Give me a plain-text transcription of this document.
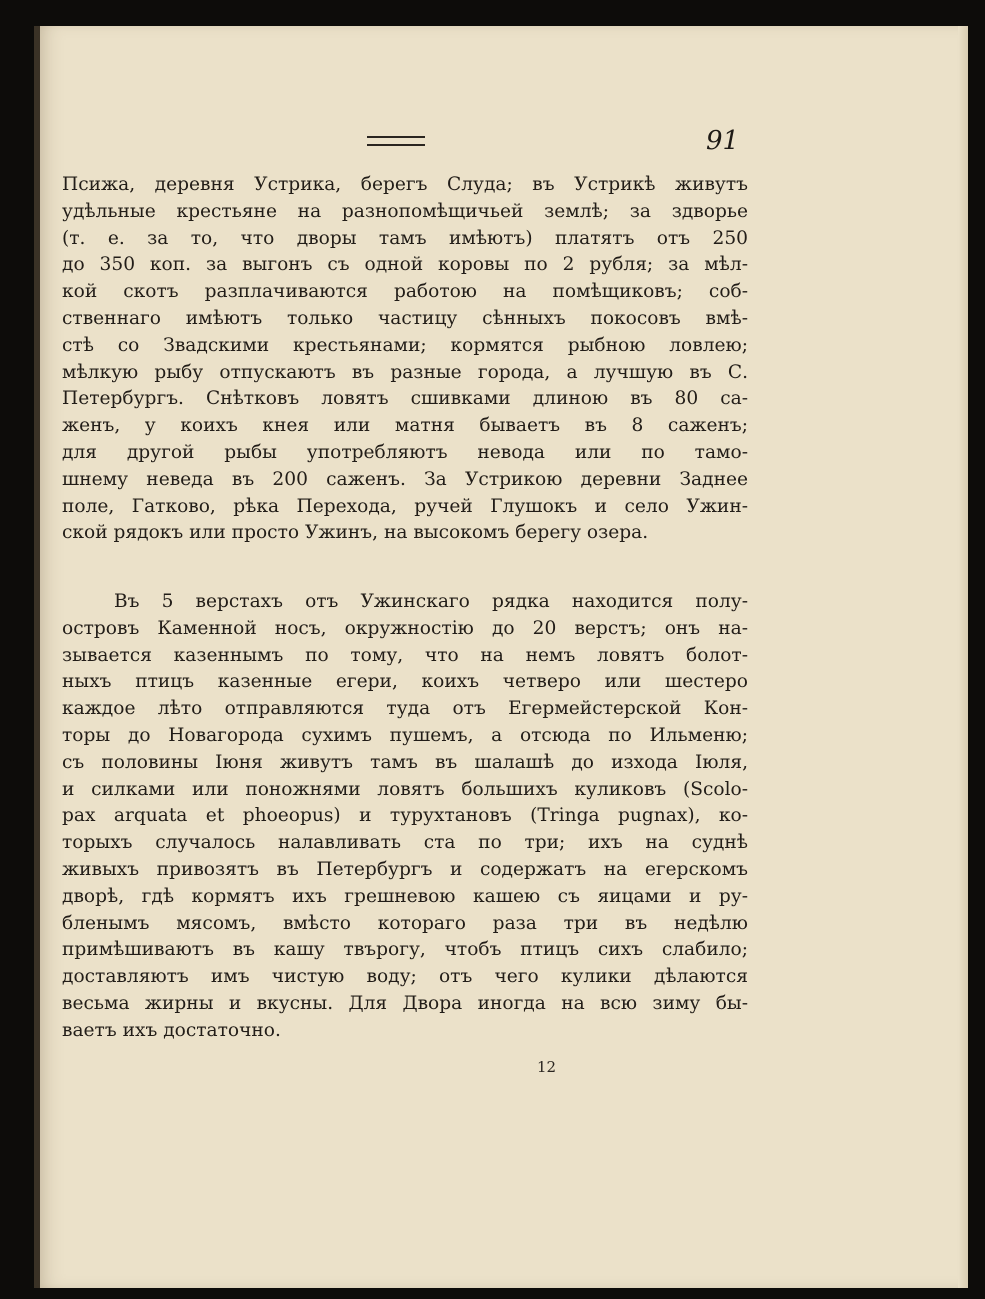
91
Псижа, деревня Устрика, берегъ Слуда; въ Устрикѣ живутъ
удѣльные крестьяне на разнопомѣщичьей землѣ; за здворье
(т. е. за то, что дворы тамъ имѣютъ) платятъ отъ 250
до 350 коп. за выгонъ съ одной коровы по 2 рубля; за мѣл-
кой скотъ разплачиваются работою на помѣщиковъ; соб-
ственнаго имѣютъ только частицу сѣнныхъ покосовъ вмѣ-
стѣ со Звадскими крестьянами; кормятся рыбною ловлею;
мѣлкую рыбу отпускаютъ въ разные города, а лучшую въ С.
Петербургъ. Снѣтковъ ловятъ сшивками длиною въ 80 са-
женъ, у коихъ кнея или матня бываетъ въ 8 саженъ;
для другой рыбы употребляютъ невода или по тамо-
шнему неведа въ 200 саженъ. За Устрикою деревни Заднее
поле, Гатково, рѣка Перехода, ручей Глушокъ и село Ужин-
ской рядокъ или просто Ужинъ, на высокомъ берегу озера.
Въ 5 верстахъ отъ Ужинскаго рядка находится полу-
островъ Каменной носъ, окружностію до 20 верстъ; онъ на-
зывается казеннымъ по тому, что на немъ ловятъ болот-
ныхъ птицъ казенные егери, коихъ четверо или шестеро
каждое лѣто отправляются туда отъ Егермейстерской Кон-
торы до Новагорода сухимъ пушемъ, а отсюда по Ильменю;
съ половины Іюня живутъ тамъ въ шалашѣ до изхода Іюля,
и силками или поножнями ловятъ большихъ куликовъ (Scolo-
pax arquata et phoeopus) и турухтановъ (Tringa pugnax), ко-
торыхъ случалось налавливать ста по три; ихъ на суднѣ
живыхъ привозятъ въ Петербургъ и содержатъ на егерскомъ
дворѣ, гдѣ кормятъ ихъ грешневою кашею съ яицами и ру-
бленымъ мясомъ, вмѣсто котораго раза три въ недѣлю
примѣшиваютъ въ кашу твърогу, чтобъ птицъ сихъ слабило;
доставляютъ имъ чистую воду; отъ чего кулики дѣлаются
весьма жирны и вкусны. Для Двора иногда на всю зиму бы-
ваетъ ихъ достаточно.
12
